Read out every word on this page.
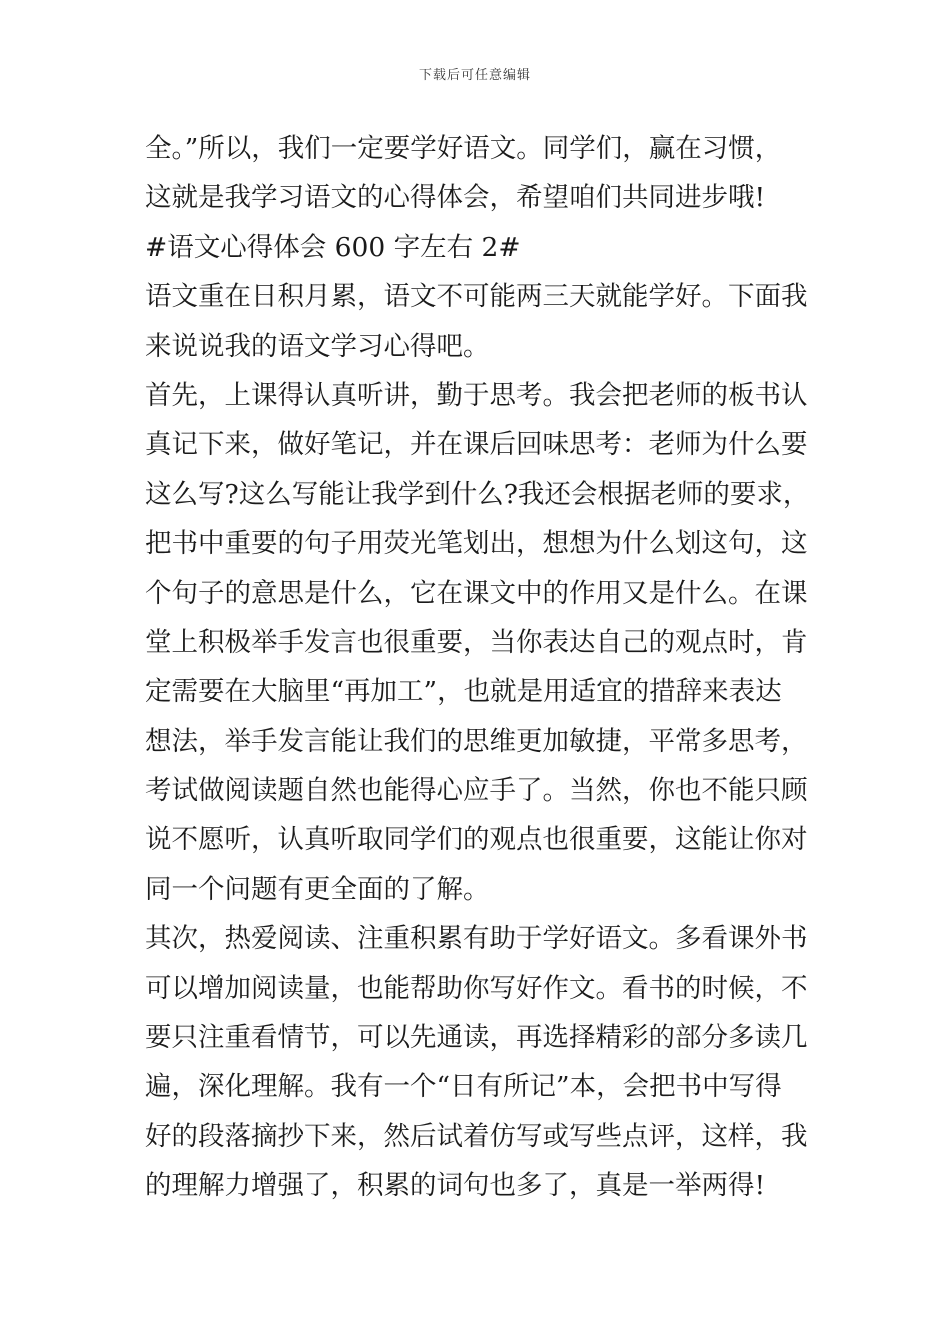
下载后可任意编辑
全。”所以，我们一定要学好语文。同学们，赢在习惯，
这就是我学习语文的心得体会，希望咱们共同进步哦!
#语文心得体会 600 字左右 2#
语文重在日积月累，语文不可能两三天就能学好。下面我
来说说我的语文学习心得吧。
首先，上课得认真听讲，勤于思考。我会把老师的板书认
真记下来，做好笔记，并在课后回味思考：老师为什么要
这么写?这么写能让我学到什么?我还会根据老师的要求，
把书中重要的句子用荧光笔划出，想想为什么划这句，这
个句子的意思是什么，它在课文中的作用又是什么。在课
堂上积极举手发言也很重要，当你表达自己的观点时，肯
定需要在大脑里“再加工”，也就是用适宜的措辞来表达
想法，举手发言能让我们的思维更加敏捷，平常多思考，
考试做阅读题自然也能得心应手了。当然，你也不能只顾
说不愿听，认真听取同学们的观点也很重要，这能让你对
同一个问题有更全面的了解。
其次，热爱阅读、注重积累有助于学好语文。多看课外书
可以增加阅读量，也能帮助你写好作文。看书的时候，不
要只注重看情节，可以先通读，再选择精彩的部分多读几
遍，深化理解。我有一个“日有所记”本，会把书中写得
好的段落摘抄下来，然后试着仿写或写些点评，这样，我
的理解力增强了，积累的词句也多了，真是一举两得!
